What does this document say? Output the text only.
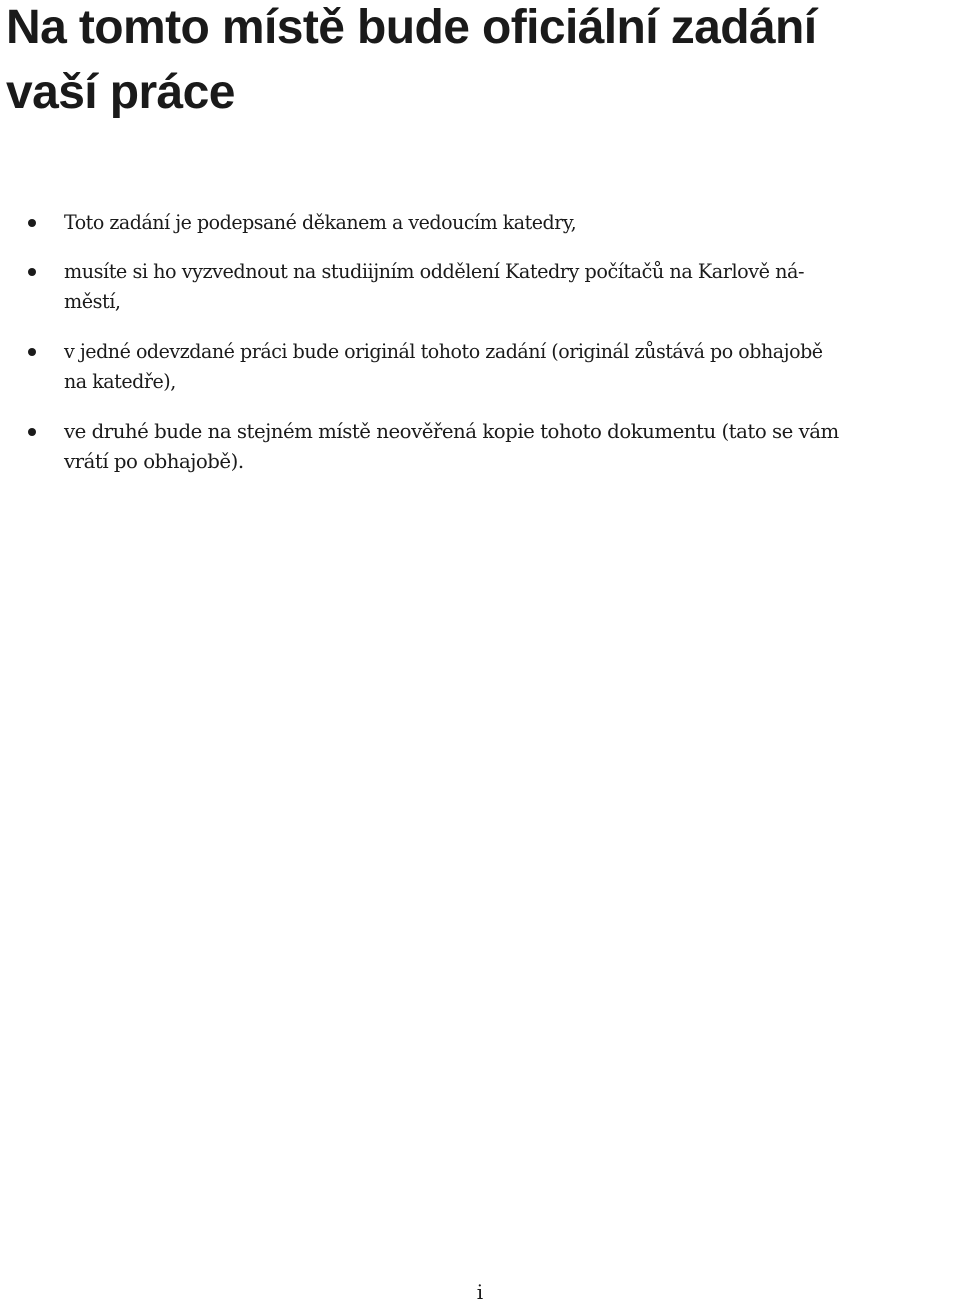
Na tomto místě bude oficiální zadání
vaší práce
Toto zadání je podepsané děkanem a vedoucím katedry,
musíte si ho vyzvednout na studiijním oddělení Katedry počítačů na Karlově ná-
městí,
v jedné odevzdané práci bude originál tohoto zadání (originál zůstává po obhajobě
na katedře),
ve druhé bude na stejném místě neověřená kopie tohoto dokumentu (tato se vám
vrátí po obhajobě).
i
